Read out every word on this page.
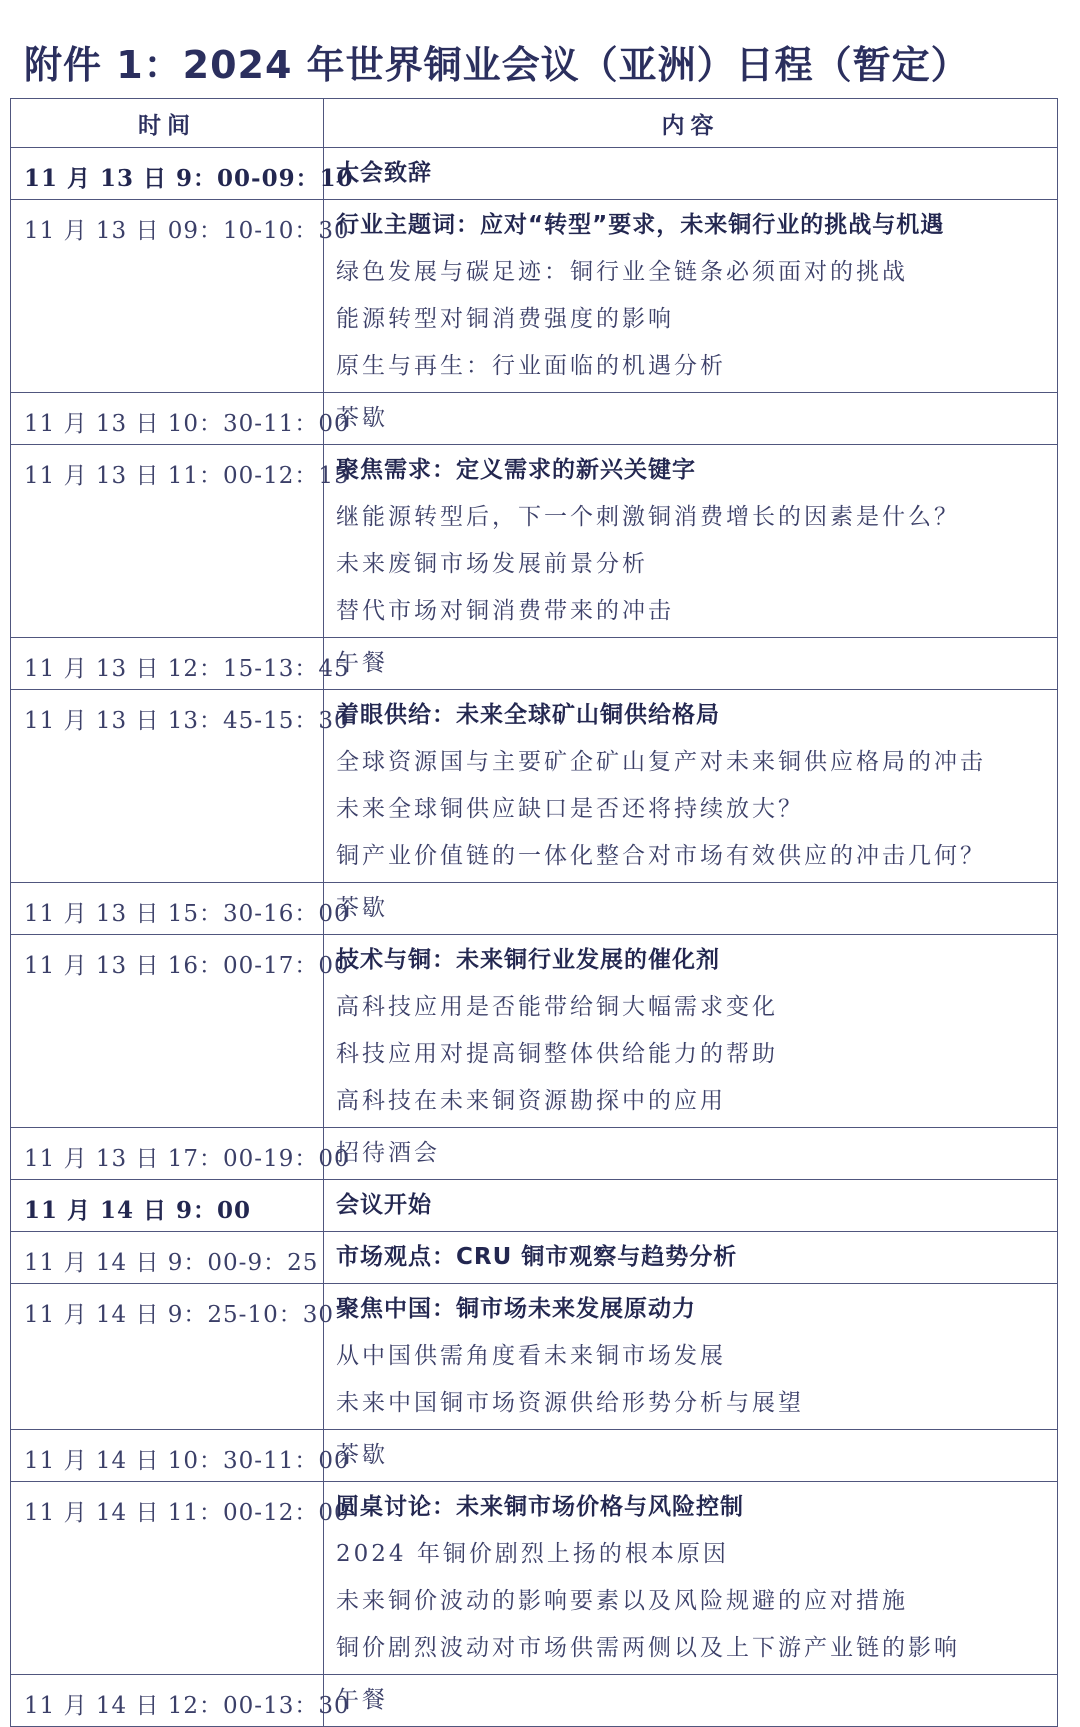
附件 1：2024 年世界铜业会议（亚洲）日程（暂定）
时间	内容
11 月 13 日 9：00-09：10	大会致辞

11 月 13 日 09：10-10：30	行业主题词：应对“转型”要求，未来铜行业的挑战与机遇
绿色发展与碳足迹：铜行业全链条必须面对的挑战
能源转型对铜消费强度的影响
原生与再生：行业面临的机遇分析

11 月 13 日 10：30-11：00	茶歇

11 月 13 日 11：00-12：15	聚焦需求：定义需求的新兴关键字
继能源转型后，下一个刺激铜消费增长的因素是什么？
未来废铜市场发展前景分析
替代市场对铜消费带来的冲击

11 月 13 日 12：15-13：45	午餐

11 月 13 日 13：45-15：30	着眼供给：未来全球矿山铜供给格局
全球资源国与主要矿企矿山复产对未来铜供应格局的冲击
未来全球铜供应缺口是否还将持续放大？
铜产业价值链的一体化整合对市场有效供应的冲击几何？

11 月 13 日 15：30-16：00	茶歇

11 月 13 日 16：00-17：00	技术与铜：未来铜行业发展的催化剂
高科技应用是否能带给铜大幅需求变化
科技应用对提高铜整体供给能力的帮助
高科技在未来铜资源勘探中的应用

11 月 13 日 17：00-19：00	招待酒会

11 月 14 日 9：00	会议开始

11 月 14 日 9：00-9：25	市场观点：CRU 铜市观察与趋势分析

11 月 14 日 9：25-10：30	聚焦中国：铜市场未来发展原动力
从中国供需角度看未来铜市场发展
未来中国铜市场资源供给形势分析与展望

11 月 14 日 10：30-11：00	茶歇

11 月 14 日 11：00-12：00	圆桌讨论：未来铜市场价格与风险控制
2024 年铜价剧烈上扬的根本原因
未来铜价波动的影响要素以及风险规避的应对措施
铜价剧烈波动对市场供需两侧以及上下游产业链的影响

11 月 14 日 12：00-13：30	午餐
